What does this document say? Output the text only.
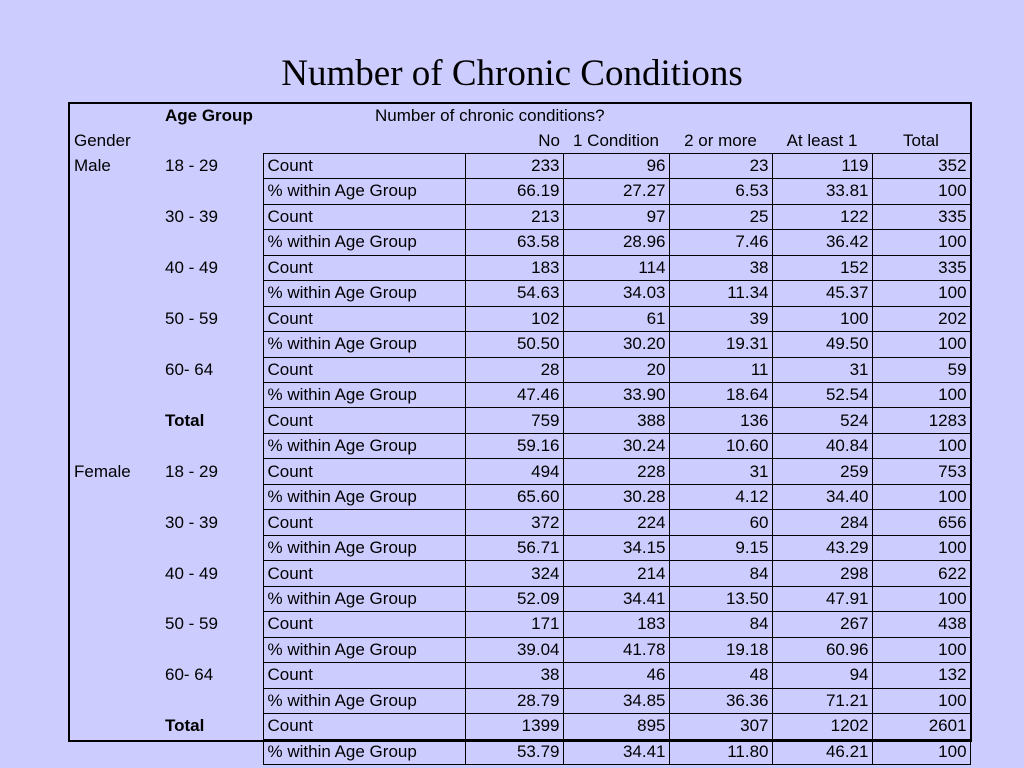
Number of Chronic Conditions
	Age Group	Number of chronic conditions?					
Gender			No	1 Condition	2 or more	At least 1	Total
Male	18 - 29	Count	233	96	23	119	352
		% within Age Group	66.19	27.27	6.53	33.81	100
	30 - 39	Count	213	97	25	122	335
		% within Age Group	63.58	28.96	7.46	36.42	100
	40 - 49	Count	183	114	38	152	335
		% within Age Group	54.63	34.03	11.34	45.37	100
	50 - 59	Count	102	61	39	100	202
		% within Age Group	50.50	30.20	19.31	49.50	100
	60- 64	Count	28	20	11	31	59
		% within Age Group	47.46	33.90	18.64	52.54	100
	Total	Count	759	388	136	524	1283
		% within Age Group	59.16	30.24	10.60	40.84	100
Female	18 - 29	Count	494	228	31	259	753
		% within Age Group	65.60	30.28	4.12	34.40	100
	30 - 39	Count	372	224	60	284	656
		% within Age Group	56.71	34.15	9.15	43.29	100
	40 - 49	Count	324	214	84	298	622
		% within Age Group	52.09	34.41	13.50	47.91	100
	50 - 59	Count	171	183	84	267	438
		% within Age Group	39.04	41.78	19.18	60.96	100
	60- 64	Count	38	46	48	94	132
		% within Age Group	28.79	34.85	36.36	71.21	100
	Total	Count	1399	895	307	1202	2601
		% within Age Group	53.79	34.41	11.80	46.21	100
